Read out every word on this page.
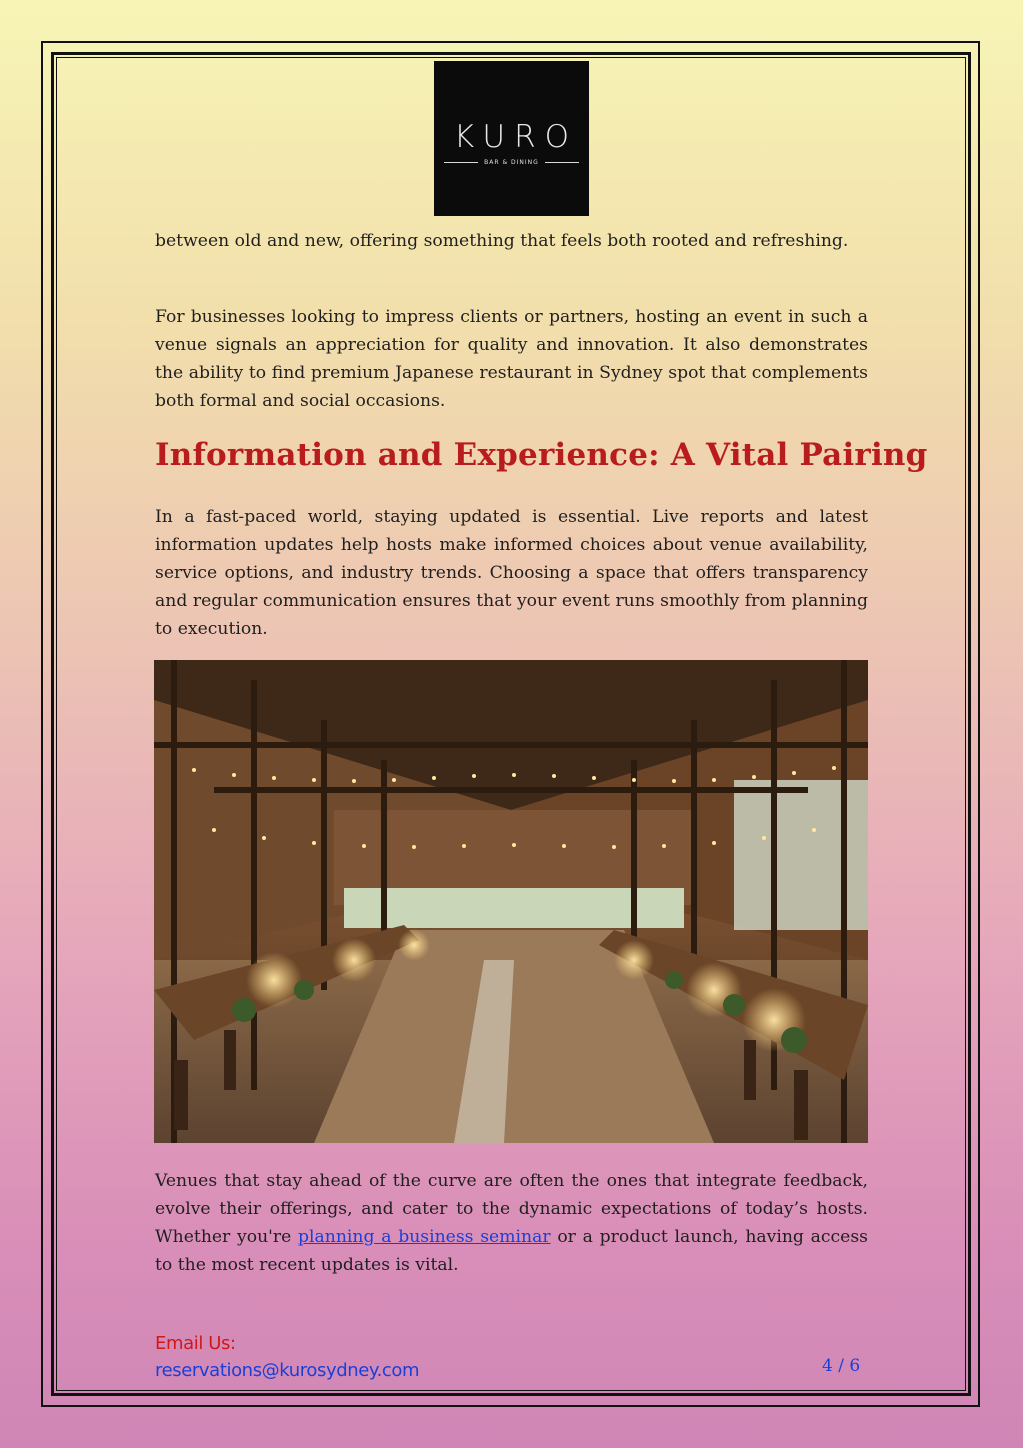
KURO
BAR & DINING

between old and new, offering something that feels both rooted and refreshing.

For businesses looking to impress clients or partners, hosting an event in such a venue signals an appreciation for quality and innovation. It also demonstrates the ability to find premium Japanese restaurant in Sydney spot that complements both formal and social occasions.

Information and Experience: A Vital Pairing

In a fast-paced world, staying updated is essential. Live reports and latest information updates help hosts make informed choices about venue availability, service options, and industry trends. Choosing a space that offers transparency and regular communication ensures that your event runs smoothly from planning to execution.

Venues that stay ahead of the curve are often the ones that integrate feedback, evolve their offerings, and cater to the dynamic expectations of today’s hosts. Whether you're planning a business seminar or a product launch, having access to the most recent updates is vital.

Email Us:
reservations@kurosydney.com	4 / 6
